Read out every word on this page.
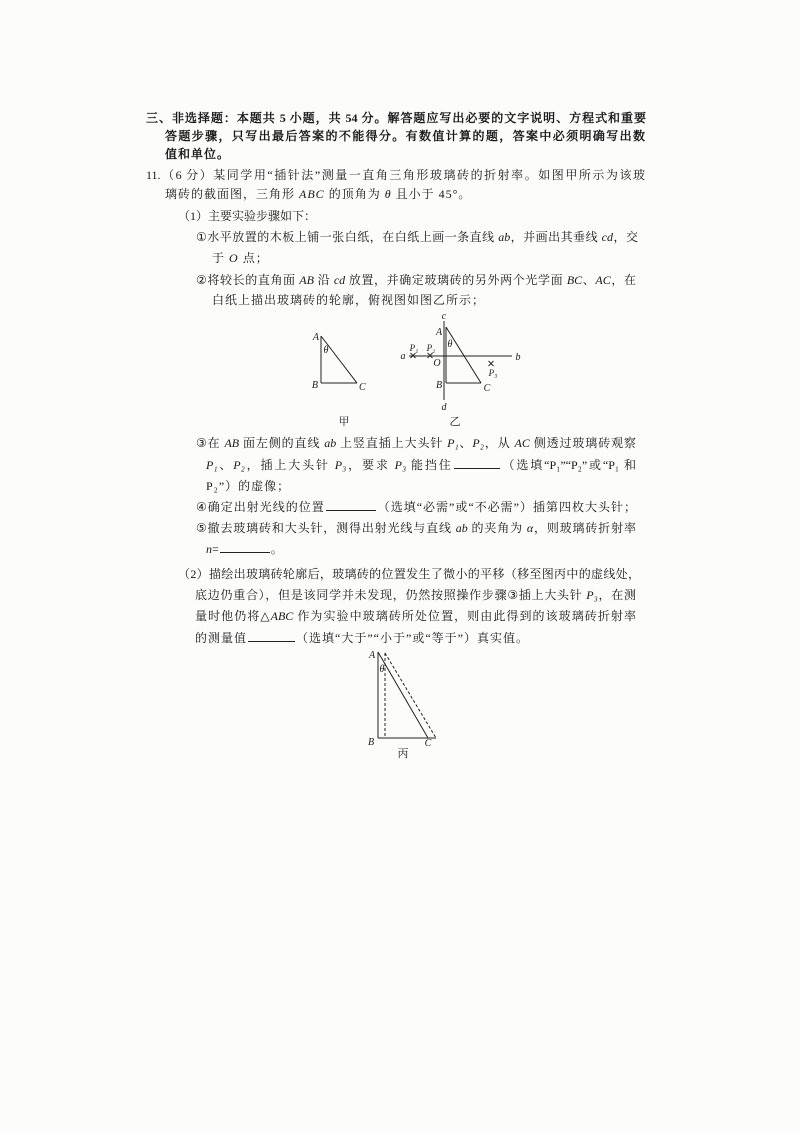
三、非选择题：本题共 5 小题，共 54 分。解答题应写出必要的文字说明、方程式和重要
答题步骤，只写出最后答案的不能得分。有数值计算的题，答案中必须明确写出数
值和单位。
11.（6 分）某同学用“插针法”测量一直角三角形玻璃砖的折射率。如图甲所示为该玻
璃砖的截面图，三角形 ABC 的顶角为 θ 且小于 45°。
（1）主要实验步骤如下：
①水平放置的木板上铺一张白纸，在白纸上画一条直线 ab，并画出其垂线 cd，交
于 O 点；
②将较长的直角面 AB 沿 cd 放置，并确定玻璃砖的另外两个光学面 BC、AC，在
白纸上描出玻璃砖的轮廓，俯视图如图乙所示；
A
θ
B	C
甲
c
d
a	b
P₁ P₂
O
A
θ
B	C
P₃
乙
③在 AB 面左侧的直线 ab 上竖直插上大头针 P₁、P₂，从 AC 侧透过玻璃砖观察
P₁、P₂，插上大头针 P₃，要求 P₃ 能挡住	（选填“P₁”“P₂”或“P₁ 和
P₂”）的虚像；
④确定出射光线的位置	（选填“必需”或“不必需”）插第四枚大头针；
⑤撤去玻璃砖和大头针，测得出射光线与直线 ab 的夹角为 α，则玻璃砖折射率
n=	。
（2）描绘出玻璃砖轮廓后，玻璃砖的位置发生了微小的平移（移至图丙中的虚线处，
底边仍重合），但是该同学并未发现，仍然按照操作步骤③插上大头针 P₃，在测
量时他仍将△ABC 作为实验中玻璃砖所处位置，则由此得到的该玻璃砖折射率
的测量值	（选填“大于”“小于”或“等于”）真实值。
A
θ
B	C
丙
